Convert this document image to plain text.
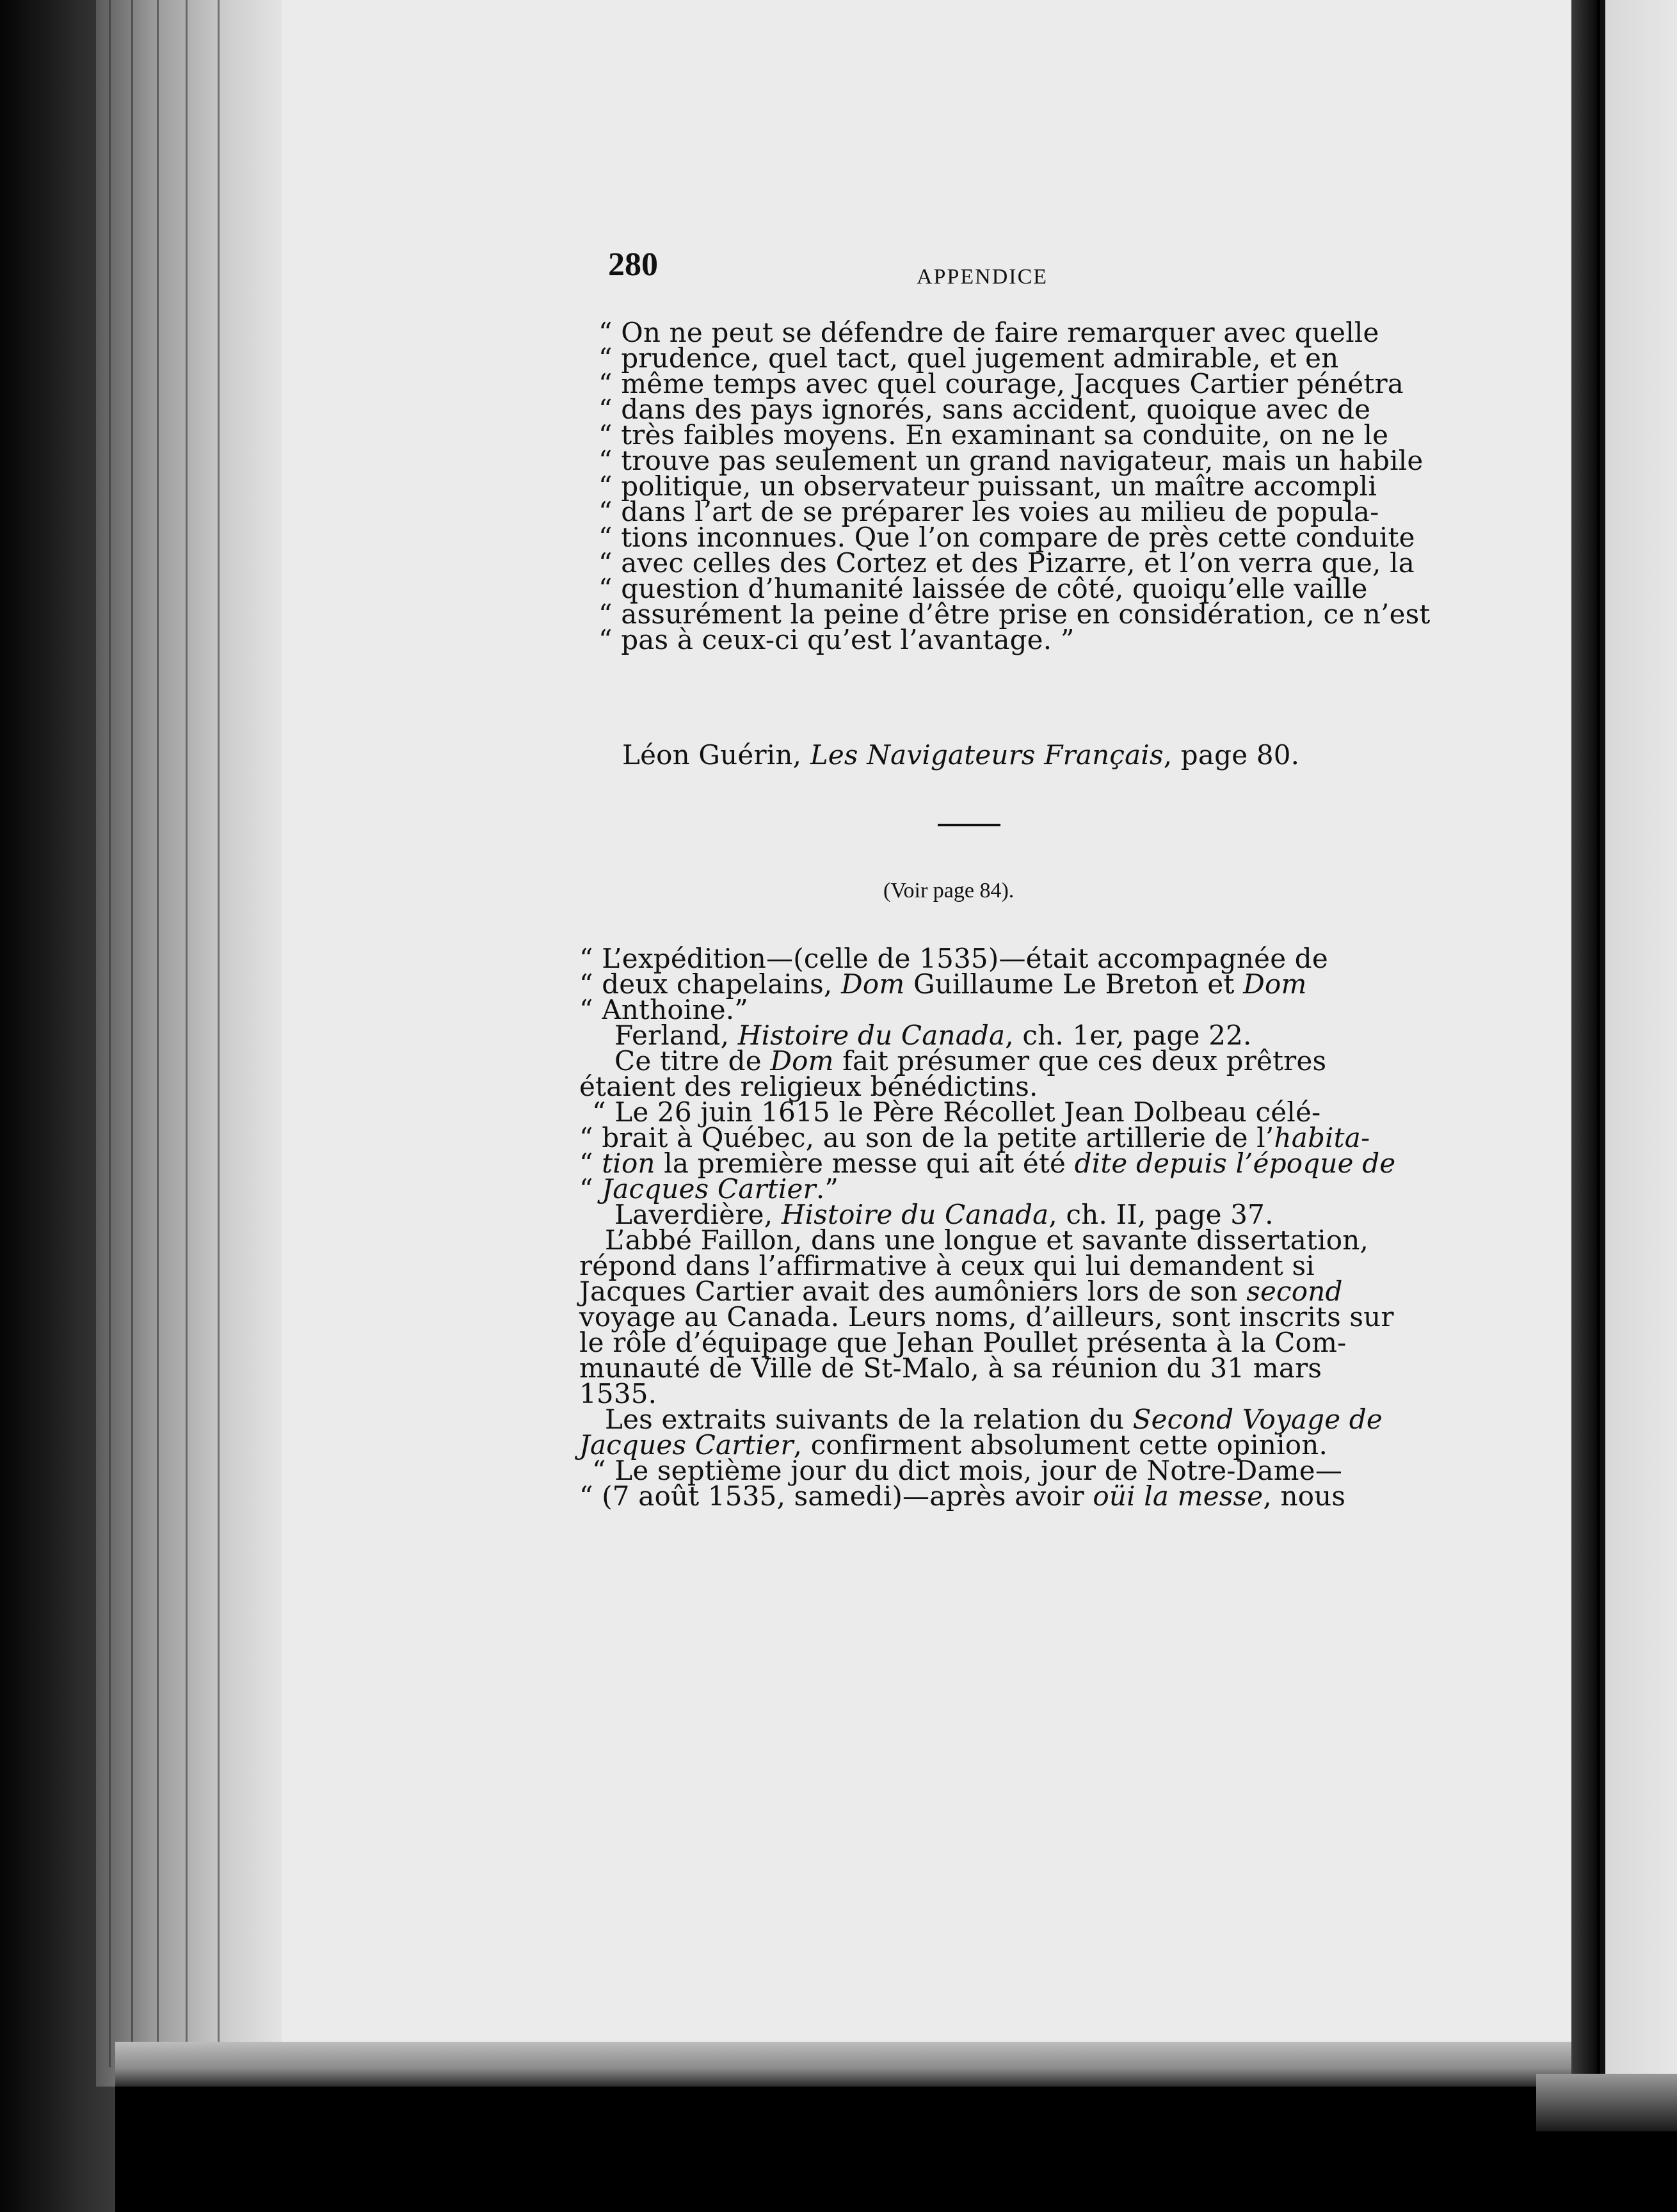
280	APPENDICE
“ On ne peut se défendre de faire remarquer avec quelle
“ prudence, quel tact, quel jugement admirable, et en
“ même temps avec quel courage, Jacques Cartier pénétra
“ dans des pays ignorés, sans accident, quoique avec de
“ très faibles moyens. En examinant sa conduite, on ne le
“ trouve pas seulement un grand navigateur, mais un habile
“ politique, un observateur puissant, un maître accompli
“ dans l’art de se préparer les voies au milieu de popula-
“ tions inconnues. Que l’on compare de près cette conduite
“ avec celles des Cortez et des Pizarre, et l’on verra que, la
“ question d’humanité laissée de côté, quoiqu’elle vaille
“ assurément la peine d’être prise en considération, ce n’est
“ pas à ceux-ci qu’est l’avantage. ”
Léon Guérin, Les Navigateurs Français, page 80.
(Voir page 84).
“ L’expédition—(celle de 1535)—était accompagnée de
“ deux chapelains, Dom Guillaume Le Breton et Dom
“ Anthoine.”
Ferland, Histoire du Canada, ch. 1er, page 22.
Ce titre de Dom fait présumer que ces deux prêtres
étaient des religieux bénédictins.
“ Le 26 juin 1615 le Père Récollet Jean Dolbeau célé-
“ brait à Québec, au son de la petite artillerie de l’habita-
“ tion la première messe qui ait été dite depuis l’époque de
“ Jacques Cartier.”
Laverdière, Histoire du Canada, ch. II, page 37.
L’abbé Faillon, dans une longue et savante dissertation,
répond dans l’affirmative à ceux qui lui demandent si
Jacques Cartier avait des aumôniers lors de son second
voyage au Canada. Leurs noms, d’ailleurs, sont inscrits sur
le rôle d’équipage que Jehan Poullet présenta à la Com-
munauté de Ville de St-Malo, à sa réunion du 31 mars
1535.
Les extraits suivants de la relation du Second Voyage de
Jacques Cartier, confirment absolument cette opinion.
“ Le septième jour du dict mois, jour de Notre-Dame—
“ (7 août 1535, samedi)—après avoir oüi la messe, nous
